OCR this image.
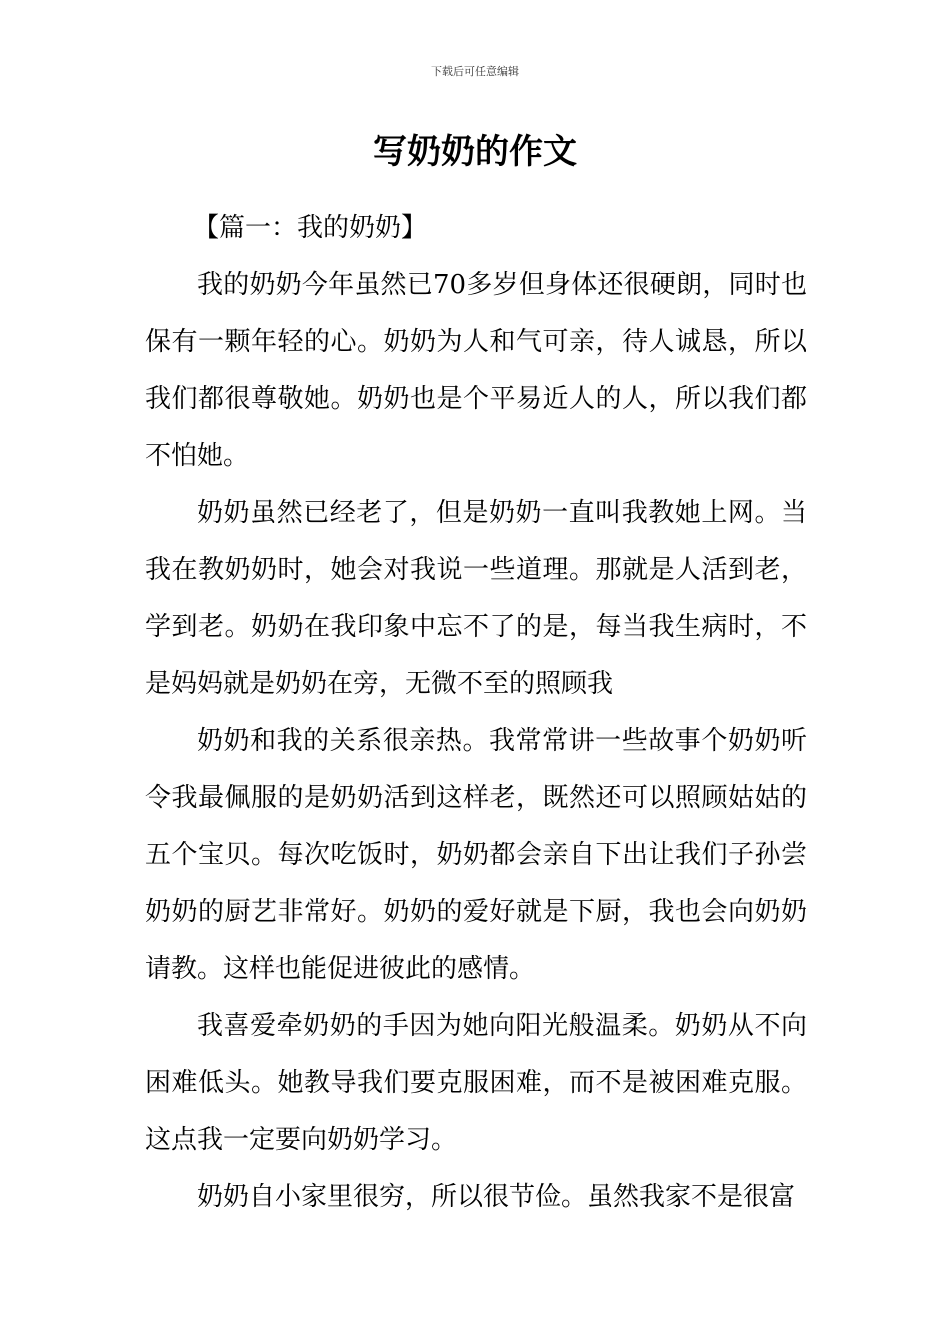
下载后可任意编辑
写奶奶的作文
【篇一：我的奶奶】

我的奶奶今年虽然已70多岁但身体还很硬朗，同时也保有一颗年轻的心。奶奶为人和气可亲，待人诚恳，所以我们都很尊敬她。奶奶也是个平易近人的人，所以我们都不怕她。

奶奶虽然已经老了，但是奶奶一直叫我教她上网。当我在教奶奶时，她会对我说一些道理。那就是人活到老，学到老。奶奶在我印象中忘不了的是，每当我生病时，不是妈妈就是奶奶在旁，无微不至的照顾我

奶奶和我的关系很亲热。我常常讲一些故事个奶奶听令我最佩服的是奶奶活到这样老，既然还可以照顾姑姑的五个宝贝。每次吃饭时，奶奶都会亲自下出让我们子孙尝奶奶的厨艺非常好。奶奶的爱好就是下厨，我也会向奶奶请教。这样也能促进彼此的感情。

我喜爱牵奶奶的手因为她向阳光般温柔。奶奶从不向困难低头。她教导我们要克服困难，而不是被困难克服。这点我一定要向奶奶学习。

奶奶自小家里很穷，所以很节俭。虽然我家不是很富
